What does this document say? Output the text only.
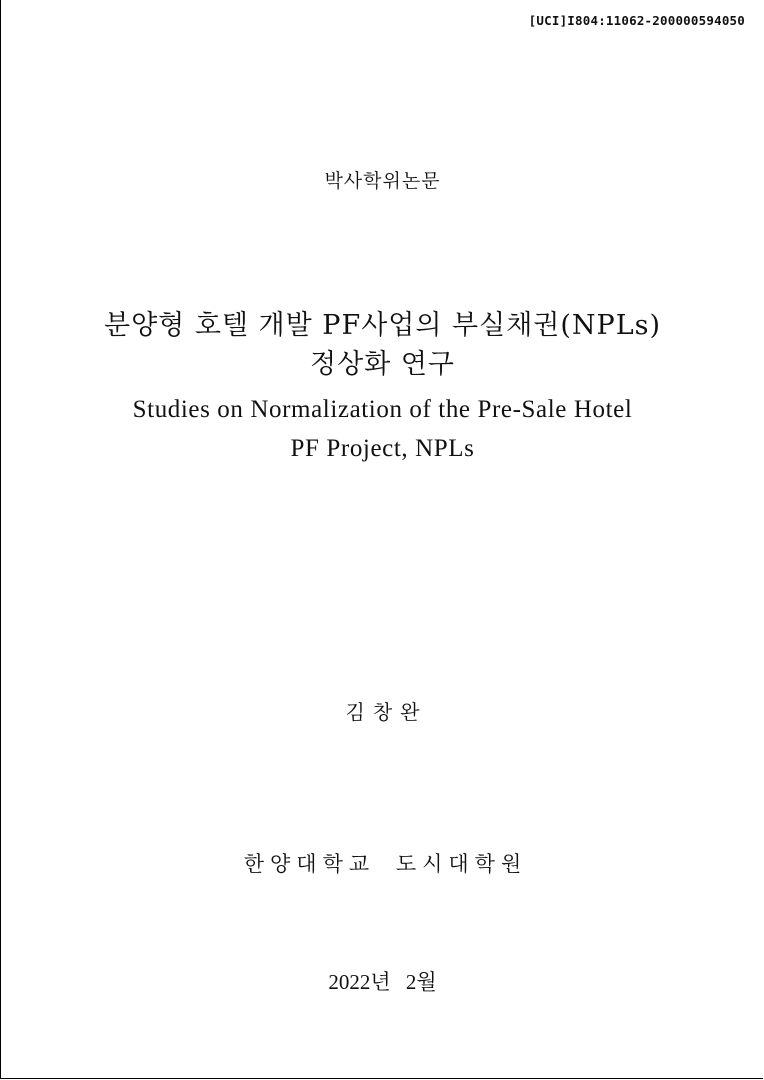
[UCI]I804:11062-200000594050
박사학위논문
분양형 호텔 개발 PF사업의 부실채권(NPLs)
정상화 연구
Studies on Normalization of the Pre-Sale Hotel
PF Project, NPLs
김창완
한양대학교 도시대학원
2022년 2월
